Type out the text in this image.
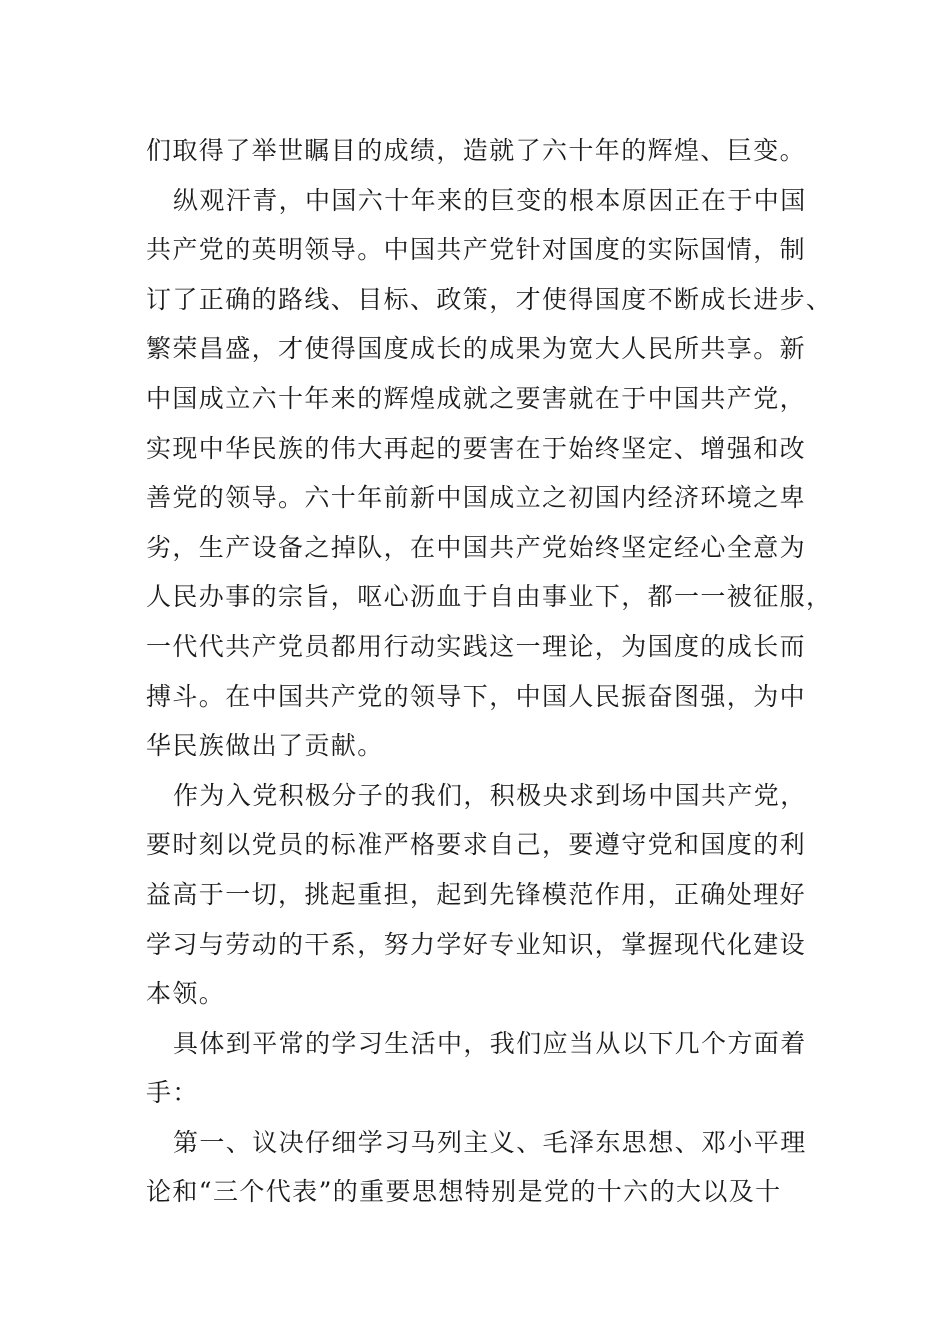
们取得了举世瞩目的成绩，造就了六十年的辉煌、巨变。
纵观汗青，中国六十年来的巨变的根本原因正在于中国
共产党的英明领导。中国共产党针对国度的实际国情，制
订了正确的路线、目标、政策，才使得国度不断成长进步、
繁荣昌盛，才使得国度成长的成果为宽大人民所共享。新
中国成立六十年来的辉煌成就之要害就在于中国共产党，
实现中华民族的伟大再起的要害在于始终坚定、增强和改
善党的领导。六十年前新中国成立之初国内经济环境之卑
劣，生产设备之掉队，在中国共产党始终坚定经心全意为
人民办事的宗旨，呕心沥血于自由事业下，都一一被征服，
一代代共产党员都用行动实践这一理论，为国度的成长而
搏斗。在中国共产党的领导下，中国人民振奋图强，为中
华民族做出了贡献。
作为入党积极分子的我们，积极央求到场中国共产党，
要时刻以党员的标准严格要求自己，要遵守党和国度的利
益高于一切，挑起重担，起到先锋模范作用，正确处理好
学习与劳动的干系，努力学好专业知识，掌握现代化建设
本领。
具体到平常的学习生活中，我们应当从以下几个方面着
手：
第一、议决仔细学习马列主义、毛泽东思想、邓小平理
论和“三个代表”的重要思想特别是党的十六的大以及十
